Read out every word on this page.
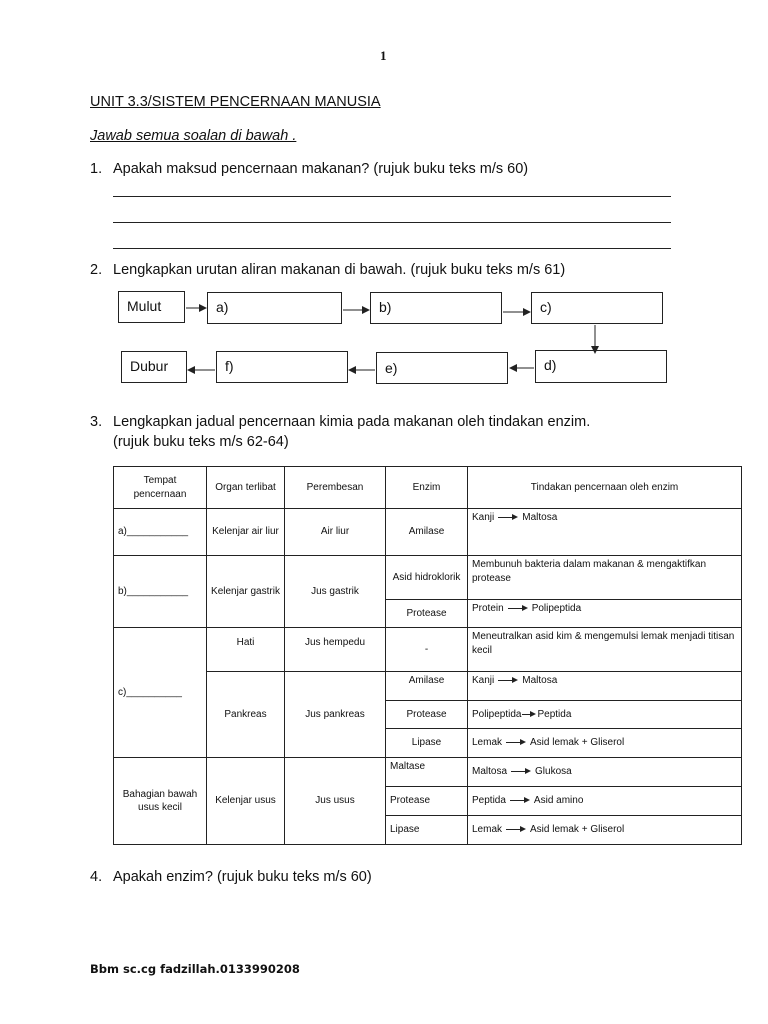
1
UNIT 3.3/SISTEM PENCERNAAN MANUSIA
Jawab semua soalan di bawah .
1. Apakah maksud pencernaan makanan? (rujuk buku teks m/s 60)
2. Lengkapkan urutan aliran makanan di bawah. (rujuk buku teks m/s 61)
Mulut	a)	b)	c)
d)
e)
f)
Dubur
3. Lengkapkan jadual pencernaan kimia pada makanan oleh tindakan enzim.
(rujuk buku teks m/s 62-64)
Tempat pencernaan	Organ terlibat	Perembesan	Enzim	Tindakan pencernaan oleh enzim
a)___________	Kelenjar air liur	Air liur	Amilase	Kanji Maltosa
b)___________	Kelenjar gastrik	Jus gastrik	Asid hidroklorik	Membunuh bakteria dalam makanan & mengaktifkan protease
			Protease	Protein Polipeptida
c)__________	Hati	Jus hempedu	-	Meneutralkan asid kim & mengemulsi lemak menjadi titisan kecil
	Pankreas	Jus pankreas	Amilase	Kanji Maltosa
			Protease	Polipeptida Peptida
			Lipase	Lemak Asid lemak + Gliserol
Bahagian bawah usus kecil	Kelenjar usus	Jus usus	Maltase	Maltosa Glukosa
			Protease	Peptida Asid amino
			Lipase	Lemak Asid lemak + Gliserol
4. Apakah enzim? (rujuk buku teks m/s 60)
Bbm sc.cg fadzillah.0133990208
